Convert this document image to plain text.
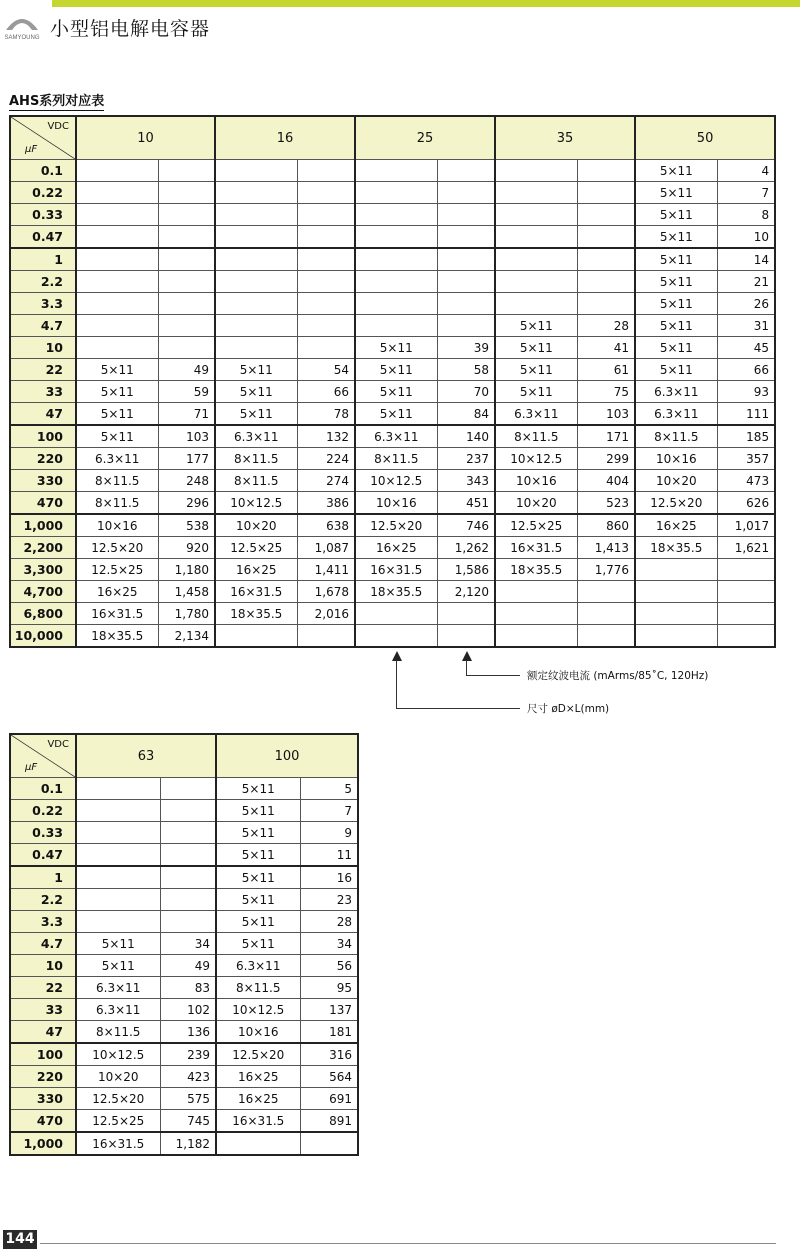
SAMYOUNG 小型铝电解电容器
AHS系列对应表
VDC
μF	10		16		25		35		50	
0.1									5×11	4
0.22									5×11	7
0.33									5×11	8
0.47									5×11	10
1									5×11	14
2.2									5×11	21
3.3									5×11	26
4.7							5×11	28	5×11	31
10					5×11	39	5×11	41	5×11	45
22	5×11	49	5×11	54	5×11	58	5×11	61	5×11	66
33	5×11	59	5×11	66	5×11	70	5×11	75	6.3×11	93
47	5×11	71	5×11	78	5×11	84	6.3×11	103	6.3×11	111
100	5×11	103	6.3×11	132	6.3×11	140	8×11.5	171	8×11.5	185
220	6.3×11	177	8×11.5	224	8×11.5	237	10×12.5	299	10×16	357
330	8×11.5	248	8×11.5	274	10×12.5	343	10×16	404	10×20	473
470	8×11.5	296	10×12.5	386	10×16	451	10×20	523	12.5×20	626
1,000	10×16	538	10×20	638	12.5×20	746	12.5×25	860	16×25	1,017
2,200	12.5×20	920	12.5×25	1,087	16×25	1,262	16×31.5	1,413	18×35.5	1,621
3,300	12.5×25	1,180	16×25	1,411	16×31.5	1,586	18×35.5	1,776		
4,700	16×25	1,458	16×31.5	1,678	18×35.5	2,120				
6,800	16×31.5	1,780	18×35.5	2,016						
10,000	18×35.5	2,134								
尺寸 øD×L(mm)
额定纹波电流 (mArms/85˚C, 120Hz)
VDC
μF	63		100	
0.1			5×11	5
0.22			5×11	7
0.33			5×11	9
0.47			5×11	11
1			5×11	16
2.2			5×11	23
3.3			5×11	28
4.7	5×11	34	5×11	34
10	5×11	49	6.3×11	56
22	6.3×11	83	8×11.5	95
33	6.3×11	102	10×12.5	137
47	8×11.5	136	10×16	181
100	10×12.5	239	12.5×20	316
220	10×20	423	16×25	564
330	12.5×20	575	16×25	691
470	12.5×25	745	16×31.5	891
1,000	16×31.5	1,182		
144
